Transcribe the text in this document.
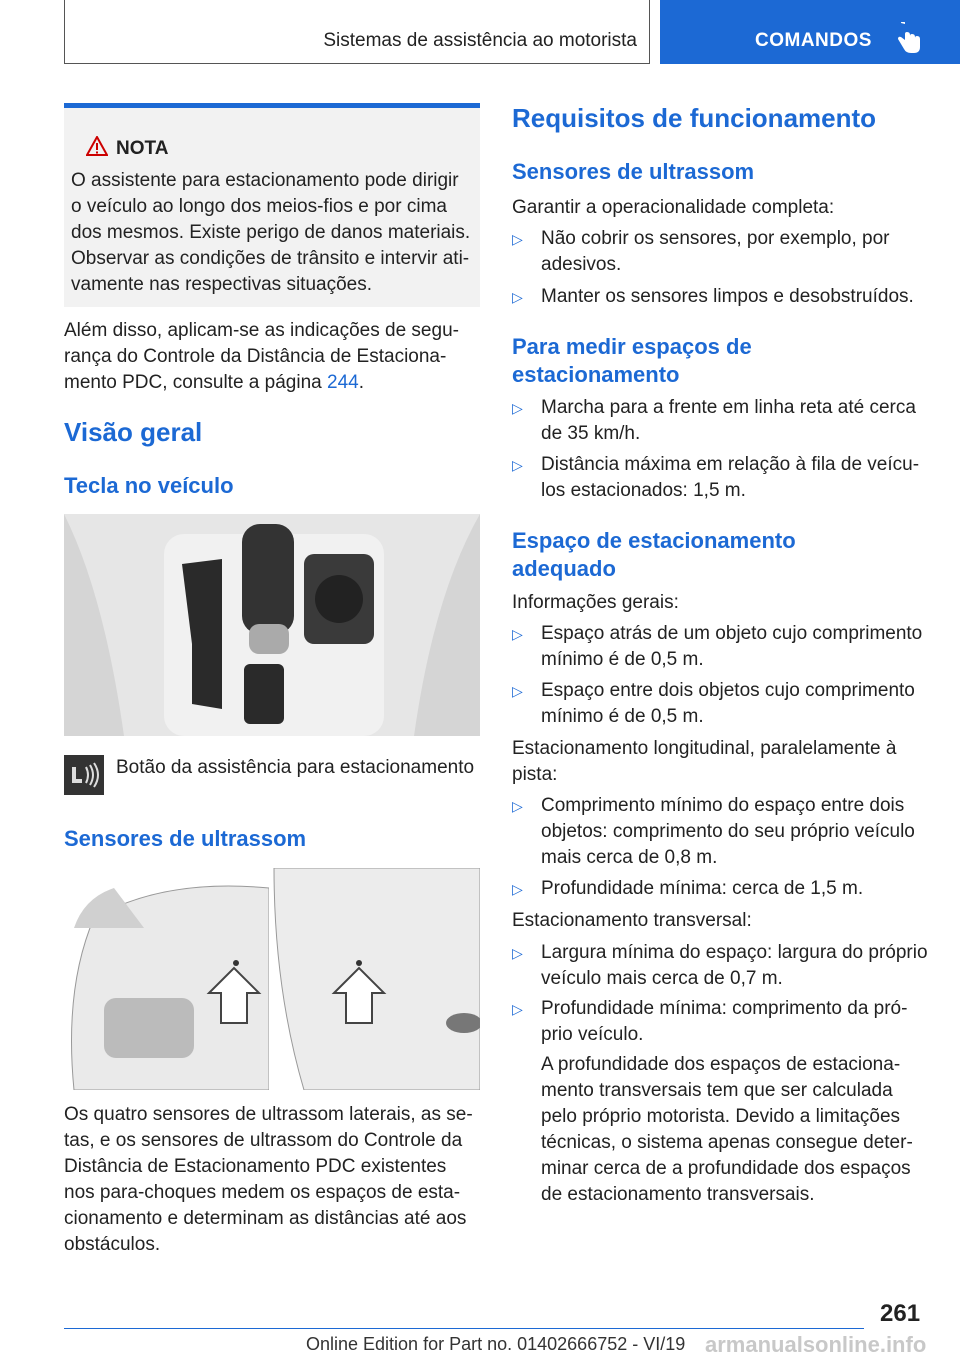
Sistemas de assistência ao motorista	COMANDOS
NOTA
O assistente para estacionamento pode dirigir
o veículo ao longo dos meios-fios e por cima
dos mesmos. Existe perigo de danos materiais.
Observar as condições de trânsito e intervir ati-
vamente nas respectivas situações.
Além disso, aplicam-se as indicações de segu-
rança do Controle da Distância de Estaciona-
mento PDC, consulte a página 244.
Visão geral
Tecla no veículo
Botão da assistência para estacionamento
Sensores de ultrassom
Os quatro sensores de ultrassom laterais, as se-
tas, e os sensores de ultrassom do Controle da
Distância de Estacionamento PDC existentes
nos para-choques medem os espaços de esta-
cionamento e determinam as distâncias até aos
obstáculos.
Requisitos de funcionamento
Sensores de ultrassom
Garantir a operacionalidade completa:
▷ Não cobrir os sensores, por exemplo, por
adesivos.
▷ Manter os sensores limpos e desobstruídos.
Para medir espaços de
estacionamento
▷ Marcha para a frente em linha reta até cerca
de 35 km/h.
▷ Distância máxima em relação à fila de veícu-
los estacionados: 1,5 m.
Espaço de estacionamento
adequado
Informações gerais:
▷ Espaço atrás de um objeto cujo comprimento
mínimo é de 0,5 m.
▷ Espaço entre dois objetos cujo comprimento
mínimo é de 0,5 m.
Estacionamento longitudinal, paralelamente à
pista:
▷ Comprimento mínimo do espaço entre dois
objetos: comprimento do seu próprio veículo
mais cerca de 0,8 m.
▷ Profundidade mínima: cerca de 1,5 m.
Estacionamento transversal:
▷ Largura mínima do espaço: largura do próprio
veículo mais cerca de 0,7 m.
▷ Profundidade mínima: comprimento da pró-
prio veículo.
A profundidade dos espaços de estaciona-
mento transversais tem que ser calculada
pelo próprio motorista. Devido a limitações
técnicas, o sistema apenas consegue deter-
minar cerca de a profundidade dos espaços
de estacionamento transversais.
261
Online Edition for Part no. 01402666752 - VI/19 armanualsonline.info
